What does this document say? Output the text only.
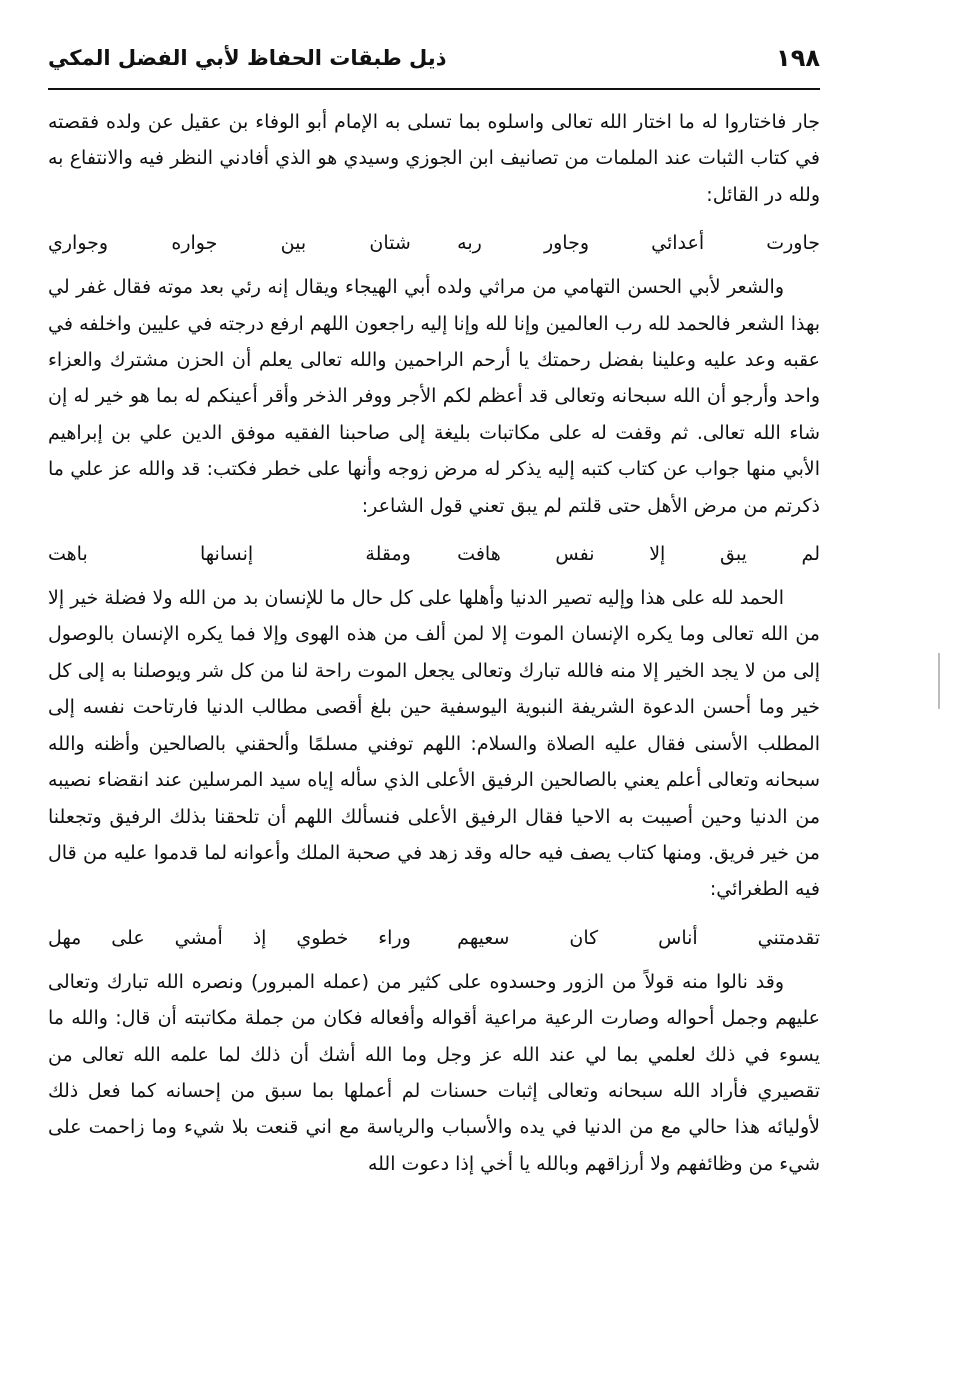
١٩٨
ذيل طبقات الحفاظ لأبي الفضل المكي

جار فاختاروا له ما اختار الله تعالى واسلوه بما تسلى به الإمام أبو الوفاء بن عقيل عن ولده فقصته في كتاب الثبات عند الملمات من تصانيف ابن الجوزي وسيدي هو الذي أفادني النظر فيه والانتفاع به ولله در القائل:

جاورت أعدائي وجاور ربه
شتان بين جواره وجواري

والشعر لأبي الحسن التهامي من مراثي ولده أبي الهيجاء ويقال إنه رئي بعد موته فقال غفر لي بهذا الشعر فالحمد لله رب العالمين وإنا لله وإنا إليه راجعون اللهم ارفع درجته في عليين واخلفه في عقبه وعد عليه وعلينا بفضل رحمتك يا أرحم الراحمين والله تعالى يعلم أن الحزن مشترك والعزاء واحد وأرجو أن الله سبحانه وتعالى قد أعظم لكم الأجر ووفر الذخر وأقر أعينكم له بما هو خير له إن شاء الله تعالى. ثم وقفت له على مكاتبات بليغة إلى صاحبنا الفقيه موفق الدين علي بن إبراهيم الأبي منها جواب عن كتاب كتبه إليه يذكر له مرض زوجه وأنها على خطر فكتب: قد والله عز علي ما ذكرتم من مرض الأهل حتى قلتم لم يبق تعني قول الشاعر:

لم يبق إلا نفس هافت
ومقلة إنسانها باهت

الحمد لله على هذا وإليه تصير الدنيا وأهلها على كل حال ما للإنسان بد من الله ولا فضلة خير إلا من الله تعالى وما يكره الإنسان الموت إلا لمن ألف من هذه الهوى وإلا فما يكره الإنسان بالوصول إلى من لا يجد الخير إلا منه فالله تبارك وتعالى يجعل الموت راحة لنا من كل شر ويوصلنا به إلى كل خير وما أحسن الدعوة الشريفة النبوية اليوسفية حين بلغ أقصى مطالب الدنيا فارتاحت نفسه إلى المطلب الأسنى فقال عليه الصلاة والسلام: اللهم توفني مسلمًا وألحقني بالصالحين وأظنه والله سبحانه وتعالى أعلم يعني بالصالحين الرفيق الأعلى الذي سأله إياه سيد المرسلين عند انقضاء نصيبه من الدنيا وحين أصيبت به الاحيا فقال الرفيق الأعلى فنسألك اللهم أن تلحقنا بذلك الرفيق وتجعلنا من خير فريق. ومنها كتاب يصف فيه حاله وقد زهد في صحبة الملك وأعوانه لما قدموا عليه من قال فيه الطغرائي:

تقدمتني أناس كان سعيهم
وراء خطوي إذ أمشي على مهل

وقد نالوا منه قولاً من الزور وحسدوه على كثير من (عمله المبرور) ونصره الله تبارك وتعالى عليهم وجمل أحواله وصارت الرعية مراعية أقواله وأفعاله فكان من جملة مكاتبته أن قال: والله ما يسوء في ذلك لعلمي بما لي عند الله عز وجل وما الله أشك أن ذلك لما علمه الله تعالى من تقصيري فأراد الله سبحانه وتعالى إثبات حسنات لم أعملها بما سبق من إحسانه كما فعل ذلك لأوليائه هذا حالي مع من الدنيا في يده والأسباب والرياسة مع اني قنعت بلا شيء وما زاحمت على شيء من وظائفهم ولا أرزاقهم وبالله يا أخي إذا دعوت الله
